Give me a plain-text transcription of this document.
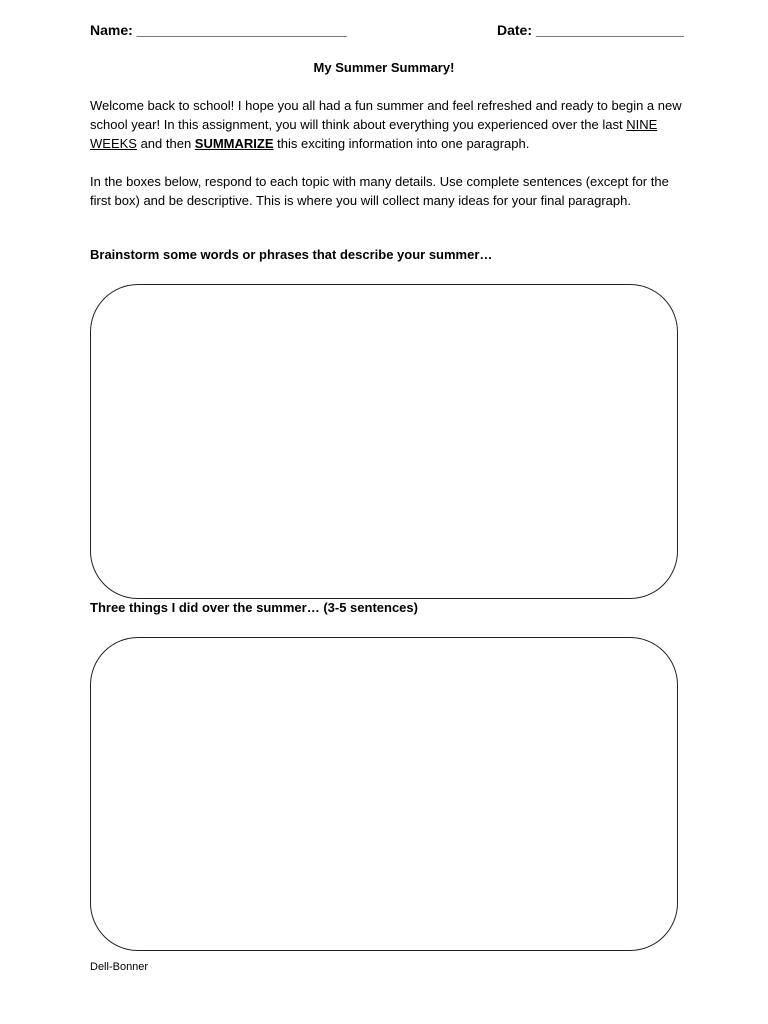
Name: ___________________________	Date: ___________________
My Summer Summary!
Welcome back to school! I hope you all had a fun summer and feel refreshed and ready to begin a new school year! In this assignment, you will think about everything you experienced over the last NINE WEEKS and then SUMMARIZE this exciting information into one paragraph.
In the boxes below, respond to each topic with many details. Use complete sentences (except for the first box) and be descriptive. This is where you will collect many ideas for your final paragraph.
Brainstorm some words or phrases that describe your summer…
Three things I did over the summer… (3-5 sentences)
Dell-Bonner
